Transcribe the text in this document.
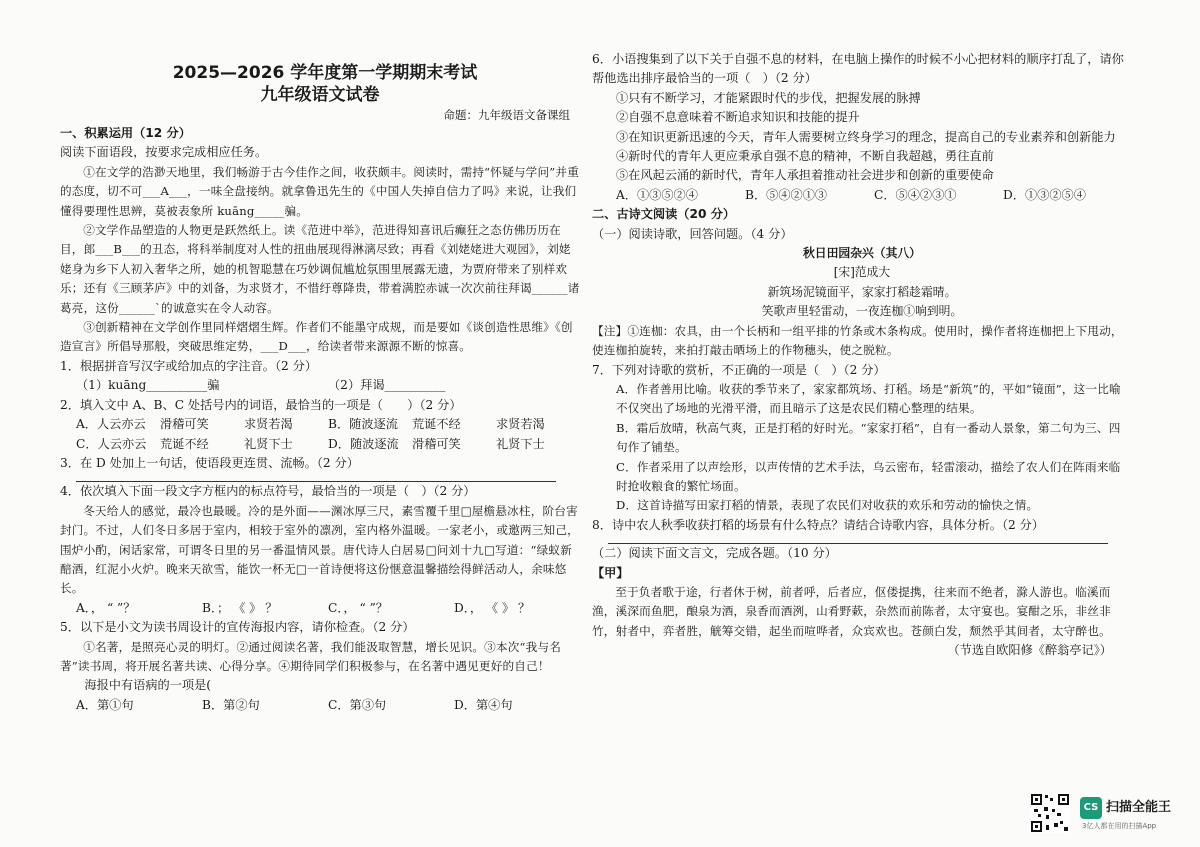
2025—2026 学年度第一学期期末考试
九年级语文试卷
命题：九年级语文备课组
一、积累运用（12 分）

阅读下面语段，按要求完成相应任务。

①在文学的浩渺天地里，我们畅游于古今佳作之间，收获颇丰。阅读时，需持“怀疑与学问”并重的态度，切不可___A___，一味全盘接纳。就拿鲁迅先生的《中国人失掉自信力了吗》来说，让我们懂得要理性思辨，莫被表象所 kuāng_____骗。

②文学作品塑造的人物更是跃然纸上。读《范进中举》，范进得知喜讯后癫狂之态仿佛历历在目，郎___B___的丑态，将科举制度对人性的扭曲展现得淋漓尽致；再看《刘姥姥进大观园》，刘姥姥身为乡下人初入奢华之所，她的机智聪慧在巧妙调侃尴尬氛围里展露无遗，为贾府带来了别样欢乐；还有《三顾茅庐》中的刘备，为求贤才，不惜纡尊降贵，带着满腔赤诚一次次前往拜谒______诸葛亮，这份______`的诚意实在令人动容。

③创新精神在文学创作里同样熠熠生辉。作者们不能墨守成规，而是要如《谈创造性思维》《创造宣言》所倡导那般，突破思维定势，___D___，给读者带来源源不断的惊喜。

1．根据拼音写汉字或给加点的字注音。（2 分）

（1）kuāng__________骗	（2）拜谒__________

2．填入文中 A、B、C 处括号内的词语，最恰当的一项是（　　）（2 分）

A．人云亦云	滑稽可笑	求贤若渴	B．随波逐流	荒诞不经	求贤若渴
C．人云亦云	荒诞不经	礼贤下士	D．随波逐流	滑稽可笑	礼贤下士

3．在 D 处加上一句话，使语段更连贯、流畅。（2 分）

4．依次填入下面一段文字方框内的标点符号，最恰当的一项是（　）（2 分）

冬天给人的感觉，最冷也最暖。冷的是外面——渊冰厚三尺，素雪覆千里□屋檐悬冰柱，阶台害封门。不过，人们冬日多居于室内，相较于室外的凛冽，室内格外温暖。一家老小，或邀两三知己，围炉小酌，闲话家常，可谓冬日里的另一番温情风景。唐代诗人白居易□问刘十九□写道：“绿蚁新醅酒，红泥小火炉。晚来天欲雪，能饮一杯无□一首诗便将这份惬意温馨描绘得鲜活动人，余味悠长。

A．， “ ”？	B．； 《 》 ？	C．， “ ”？	D．， 《 》 ？

5．以下是小文为读书周设计的宣传海报内容，请你检查。（2 分）

①名著，是照亮心灵的明灯。②通过阅读名著，我们能汲取智慧，增长见识。③本次“我与名著”读书周，将开展名著共读、心得分享。④期待同学们积极参与，在名著中遇见更好的自己！

海报中有语病的一项是(

A．第①句	B．第②句	C．第③句	D．第④句

6．小语搜集到了以下关于自强不息的材料，在电脑上操作的时候不小心把材料的顺序打乱了，请你帮他选出排序最恰当的一项（　）（2 分）

①只有不断学习，才能紧跟时代的步伐，把握发展的脉搏

②自强不息意味着不断追求知识和技能的提升

③在知识更新迅速的今天，青年人需要树立终身学习的理念，提高自己的专业素养和创新能力

④新时代的青年人更应秉承自强不息的精神，不断自我超越，勇往直前

⑤在风起云涌的新时代，青年人承担着推动社会进步和创新的重要使命

A．①③⑤②④	B．⑤④②①③	C．⑤④②③①	D．①③②⑤④
二、古诗文阅读（20 分）

（一）阅读诗歌，回答问题。（4 分）

秋日田园杂兴（其八）
[宋]范成大
新筑场泥镜面平，家家打稻趁霜晴。
笑歌声里轻雷动，一夜连枷①响到明。

【注】①连枷：农具，由一个长柄和一组平排的竹条或木条构成。使用时，操作者将连枷把上下甩动，使连枷拍旋转，来拍打敲击晒场上的作物穗头，使之脱粒。

7．下列对诗歌的赏析，不正确的一项是（　）（2 分）

A．作者善用比喻。收获的季节来了，家家都筑场、打稻。场是“新筑”的，平如“镜面”，这一比喻不仅突出了场地的光滑平滑，而且暗示了这是农民们精心整理的结果。

B．霜后放晴，秋高气爽，正是打稻的好时光。“家家打稻”，自有一番动人景象，第二句为三、四句作了铺垫。

C．作者采用了以声绘形，以声传情的艺术手法，乌云密布，轻雷滚动，描绘了农人们在阵雨来临时抢收粮食的繁忙场面。

D．这首诗描写田家打稻的情景，表现了农民们对收获的欢乐和劳动的愉快之情。

8．诗中农人秋季收获打稻的场景有什么特点？请结合诗歌内容，具体分析。（2 分）

（二）阅读下面文言文，完成各题。（10 分）

【甲】

至于负者歌于途，行者休于树，前者呼，后者应，伛偻提携，往来而不绝者，滁人游也。临溪而渔，溪深而鱼肥，酿泉为酒，泉香而酒洌，山肴野蔌，杂然而前陈者，太守宴也。宴酣之乐，非丝非竹，射者中，弈者胜，觥筹交错，起坐而喧哗者，众宾欢也。苍颜白发，颓然乎其间者，太守醉也。

（节选自欧阳修《醉翁亭记》）

CS 扫描全能王
3亿人都在用的扫描App
